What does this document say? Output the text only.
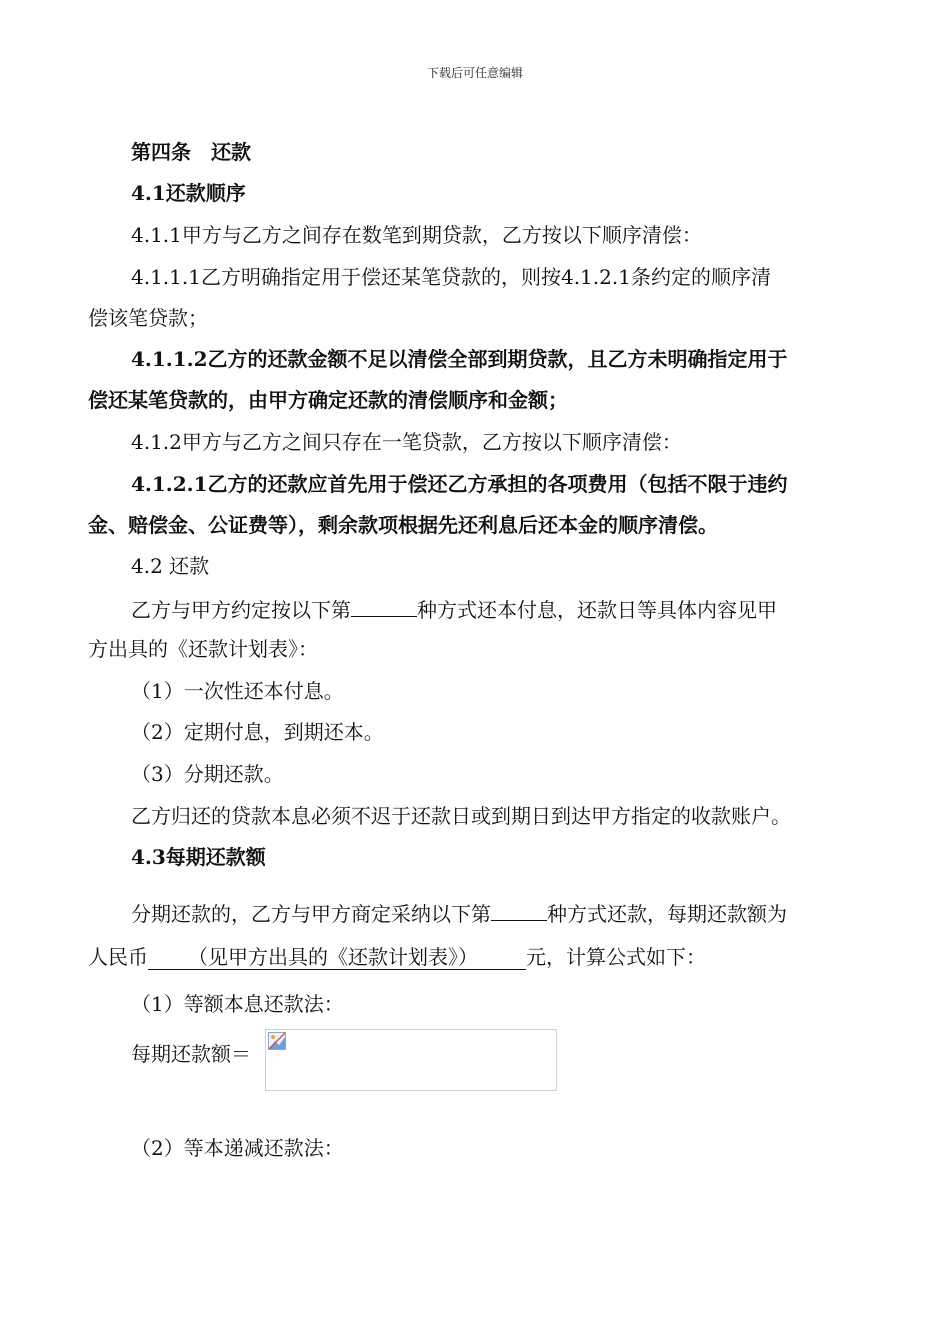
下载后可任意编辑
第四条　还款
4.1还款顺序
4.1.1甲方与乙方之间存在数笔到期贷款，乙方按以下顺序清偿：
4.1.1.1乙方明确指定用于偿还某笔贷款的，则按4.1.2.1条约定的顺序清
偿该笔贷款；
4.1.1.2乙方的还款金额不足以清偿全部到期贷款，且乙方未明确指定用于
偿还某笔贷款的，由甲方确定还款的清偿顺序和金额；
4.1.2甲方与乙方之间只存在一笔贷款，乙方按以下顺序清偿：
4.1.2.1乙方的还款应首先用于偿还乙方承担的各项费用（包括不限于违约
金、赔偿金、公证费等），剩余款项根据先还利息后还本金的顺序清偿。
4.2 还款
乙方与甲方约定按以下第	种方式还本付息，还款日等具体内容见甲
方出具的《还款计划表》：
（1）一次性还本付息。
（2）定期付息，到期还本。
（3）分期还款。
乙方归还的贷款本息必须不迟于还款日或到期日到达甲方指定的收款账户。
4.3每期还款额
分期还款的，乙方与甲方商定采纳以下第	种方式还款，每期还款额为
人民币 （见甲方出具的《还款计划表》） 元，计算公式如下：
（1）等额本息还款法：
每期还款额＝
（2）等本递减还款法：
